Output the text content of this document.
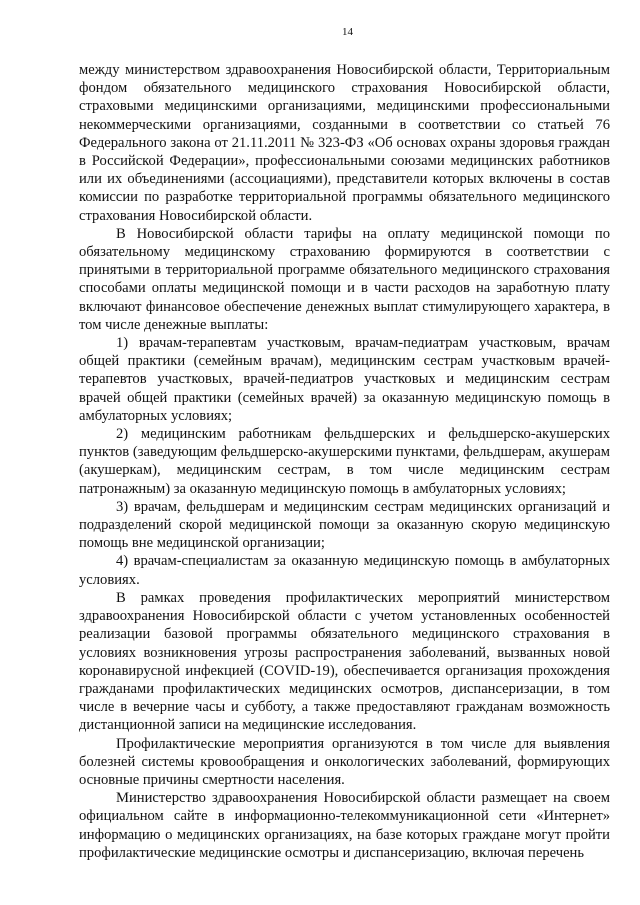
14

между министерством здравоохранения Новосибирской области, Территориальным фондом обязательного медицинского страхования Новосибирской области, страховыми медицинскими организациями, медицинскими профессиональными некоммерческими организациями, созданными в соответствии со статьей 76 Федерального закона от 21.11.2011 № 323-ФЗ «Об основах охраны здоровья граждан в Российской Федерации», профессиональными союзами медицинских работников или их объединениями (ассоциациями), представители которых включены в состав комиссии по разработке территориальной программы обязательного медицинского страхования Новосибирской области.

В Новосибирской области тарифы на оплату медицинской помощи по обязательному медицинскому страхованию формируются в соответствии с принятыми в территориальной программе обязательного медицинского страхования способами оплаты медицинской помощи и в части расходов на заработную плату включают финансовое обеспечение денежных выплат стимулирующего характера, в том числе денежные выплаты:

1) врачам-терапевтам участковым, врачам-педиатрам участковым, врачам общей практики (семейным врачам), медицинским сестрам участковым врачей-терапевтов участковых, врачей-педиатров участковых и медицинским сестрам врачей общей практики (семейных врачей) за оказанную медицинскую помощь в амбулаторных условиях;

2) медицинским работникам фельдшерских и фельдшерско-акушерских пунктов (заведующим фельдшерско-акушерскими пунктами, фельдшерам, акушерам (акушеркам), медицинским сестрам, в том числе медицинским сестрам патронажным) за оказанную медицинскую помощь в амбулаторных условиях;

3) врачам, фельдшерам и медицинским сестрам медицинских организаций и подразделений скорой медицинской помощи за оказанную скорую медицинскую помощь вне медицинской организации;

4) врачам-специалистам за оказанную медицинскую помощь в амбулаторных условиях.

В рамках проведения профилактических мероприятий министерством здравоохранения Новосибирской области с учетом установленных особенностей реализации базовой программы обязательного медицинского страхования в условиях возникновения угрозы распространения заболеваний, вызванных новой коронавирусной инфекцией (COVID-19), обеспечивается организация прохождения гражданами профилактических медицинских осмотров, диспансеризации, в том числе в вечерние часы и субботу, а также предоставляют гражданам возможность дистанционной записи на медицинские исследования.

Профилактические мероприятия организуются в том числе для выявления болезней системы кровообращения и онкологических заболеваний, формирующих основные причины смертности населения.

Министерство здравоохранения Новосибирской области размещает на своем официальном сайте в информационно-телекоммуникационной сети «Интернет» информацию о медицинских организациях, на базе которых граждане могут пройти профилактические медицинские осмотры и диспансеризацию, включая перечень
